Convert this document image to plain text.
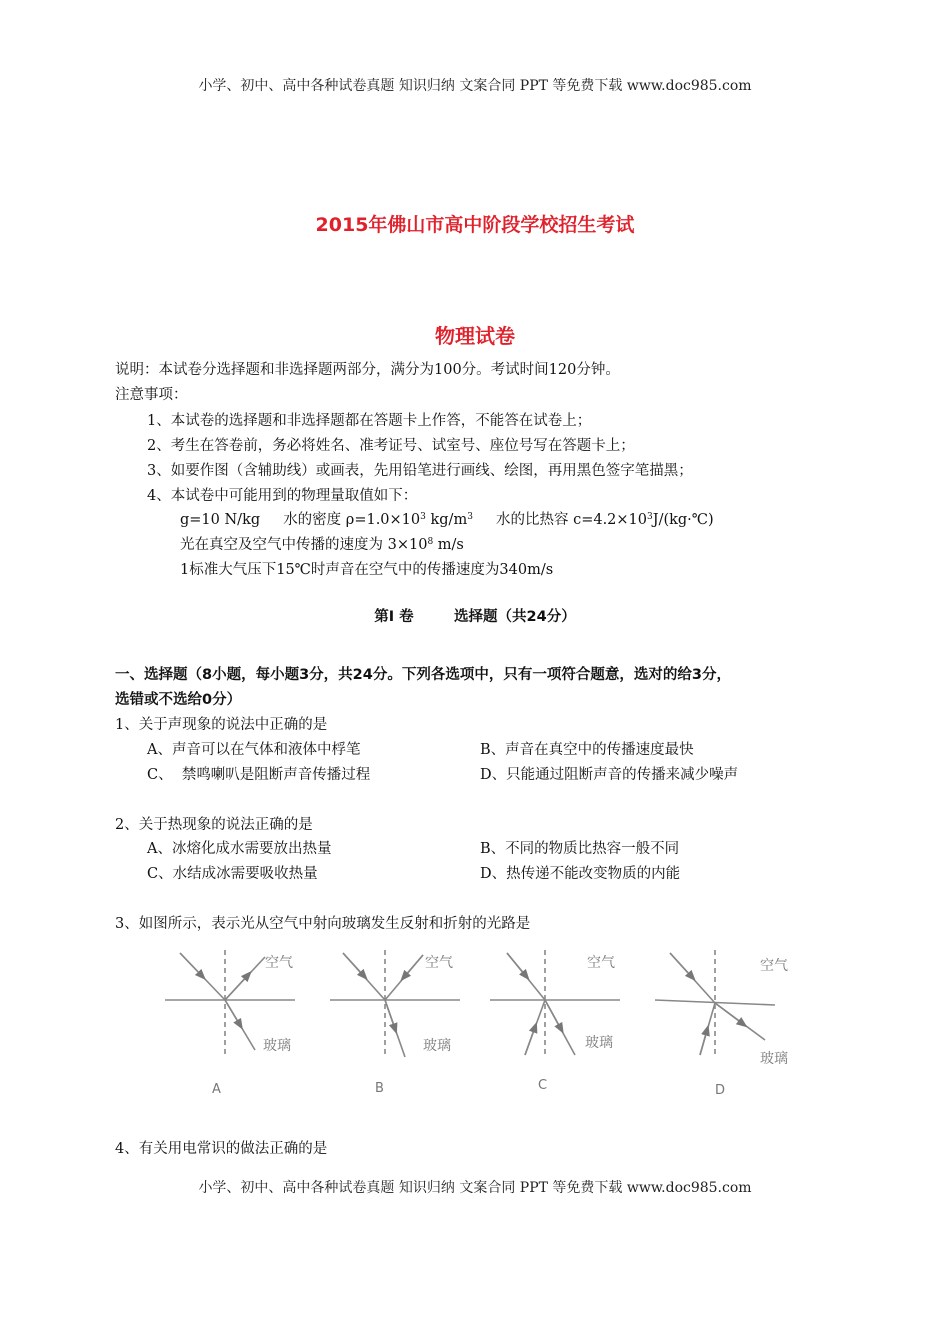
小学、初中、高中各种试卷真题 知识归纳 文案合同 PPT 等免费下载 www.doc985.com
2015年佛山市高中阶段学校招生考试
物理试卷
说明：本试卷分选择题和非选择题两部分，满分为100分。考试时间120分钟。
注意事项：
1、本试卷的选择题和非选择题都在答题卡上作答，不能答在试卷上；
2、考生在答卷前，务必将姓名、准考证号、试室号、座位号写在答题卡上；
3、如要作图（含辅助线）或画表，先用铅笔进行画线、绘图，再用黑色签字笔描黑；
4、本试卷中可能用到的物理量取值如下：
g=10 N/kg 水的密度 $\rho=1.0\times 10^3$ $kg/m^3$ 水的比热容 $c=4.2\times 10^3J/(kg\cdot℃)$
光在真空及空气中传播的速度为 $3\times 10^8$ m/s
1标准大气压下15℃时声音在空气中的传播速度为340m/s
第Ⅰ 卷        选择题（共24分）
一、选择题（8小题，每小题3分，共24分。下列各选项中，只有一项符合题意，选对的给3分，
选错或不选给0分）
1、关于声现象的说法中正确的是
A、声音可以在气体和液体中桴笔	B、声音在真空中的传播速度最快
C、  禁鸣喇叭是阻断声音传播过程	D、只能通过阻断声音的传播来减少噪声
2、关于热现象的说法正确的是
A、冰熔化成水需要放出热量	B、不同的物质比热容一般不同
C、水结成冰需要吸收热量	D、热传递不能改变物质的内能
3、如图所示，表示光从空气中射向玻璃发生反射和折射的光路是
空气
玻璃
空气
玻璃
空气
玻璃
空气
玻璃
A	B	C	D
4、有关用电常识的做法正确的是
小学、初中、高中各种试卷真题 知识归纳 文案合同 PPT 等免费下载 www.doc985.com
